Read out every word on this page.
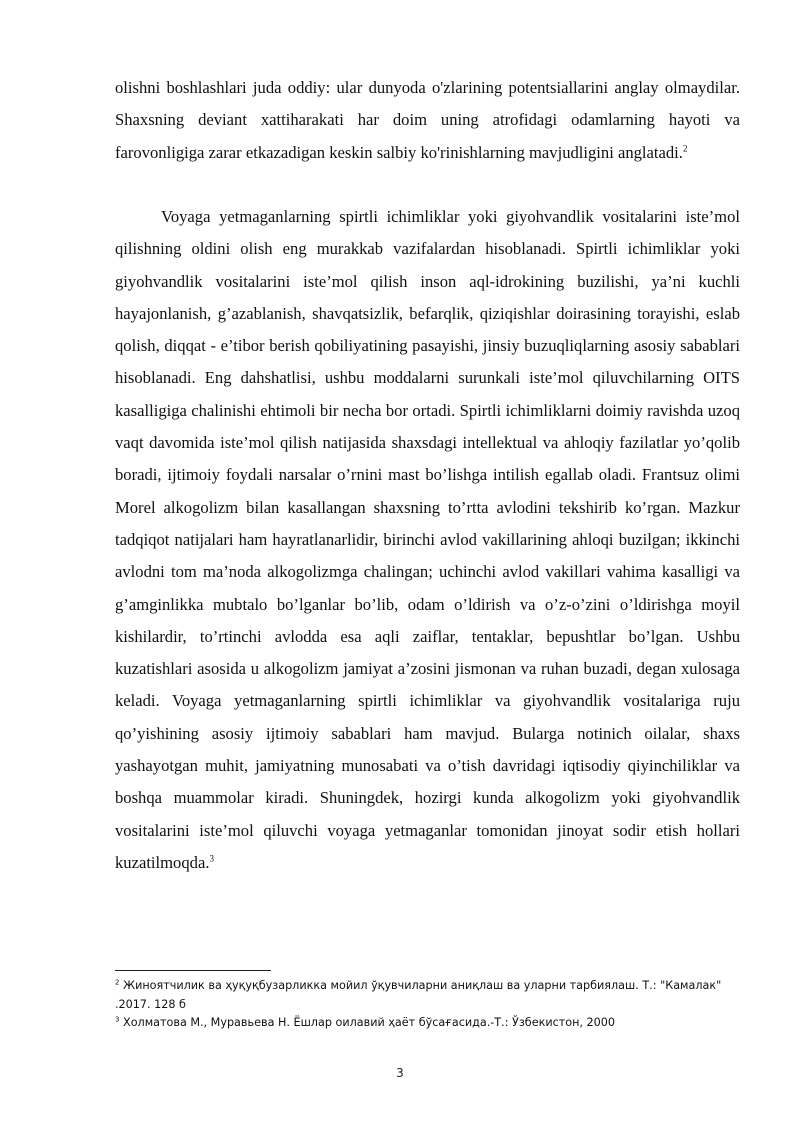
olishni boshlashlari juda oddiy: ular dunyoda o'zlarining potentsiallarini anglay olmaydilar. Shaxsning deviant xattiharakati har doim uning atrofidagi odamlarning hayoti va farovonligiga zarar etkazadigan keskin salbiy ko'rinishlarning mavjudligini anglatadi.$^2$

Voyaga yetmaganlarning spirtli ichimliklar yoki giyohvandlik vositalarini iste’mol qilishning oldini olish eng murakkab vazifalardan hisoblanadi. Spirtli ichimliklar yoki giyohvandlik vositalarini iste’mol qilish inson aql-idrokining buzilishi, ya’ni kuchli hayajonlanish, g’azablanish, shavqatsizlik, befarqlik, qiziqishlar doirasining torayishi, eslab qolish, diqqat - e’tibor berish qobiliyatining pasayishi, jinsiy buzuqliqlarning asosiy sabablari hisoblanadi. Eng dahshatlisi, ushbu moddalarni surunkali iste’mol qiluvchilarning OITS kasalligiga chalinishi ehtimoli bir necha bor ortadi. Spirtli ichimliklarni doimiy ravishda uzoq vaqt davomida iste’mol qilish natijasida shaxsdagi intellektual va ahloqiy fazilatlar yo’qolib boradi, ijtimoiy foydali narsalar o’rnini mast bo’lishga intilish egallab oladi. Frantsuz olimi Morel alkogolizm bilan kasallangan shaxsning to’rtta avlodini tekshirib ko’rgan. Mazkur tadqiqot natijalari ham hayratlanarlidir, birinchi avlod vakillarining ahloqi buzilgan; ikkinchi avlodni tom ma’noda alkogolizmga chalingan; uchinchi avlod vakillari vahima kasalligi va g’amginlikka mubtalo bo’lganlar bo’lib, odam o’ldirish va o’z-o’zini o’ldirishga moyil kishilardir, to’rtinchi avlodda esa aqli zaiflar, tentaklar, bepushtlar bo’lgan. Ushbu kuzatishlari asosida u alkogolizm jamiyat a’zosini jismonan va ruhan buzadi, degan xulosaga keladi. Voyaga yetmaganlarning spirtli ichimliklar va giyohvandlik vositalariga ruju qo’yishining asosiy ijtimoiy sabablari ham mavjud. Bularga notinich oilalar, shaxs yashayotgan muhit, jamiyatning munosabati va o’tish davridagi iqtisodiy qiyinchiliklar va boshqa muammolar kiradi. Shuningdek, hozirgi kunda alkogolizm yoki giyohvandlik vositalarini iste’mol qiluvchi voyaga yetmaganlar tomonidan jinoyat sodir etish hollari kuzatilmoqda.$^3$

$^2$ Жиноятчилик ва ҳуқуқбузарликка мойил ўқувчиларни аниқлаш ва уларни тарбиялаш. Т.: "Камалак" .2017. 128 б

$^3$ Холматова М., Муравьева Н. Ёшлар оилавий ҳаёт бўсағасида.-Т.: Ўзбекистон, 2000

3
